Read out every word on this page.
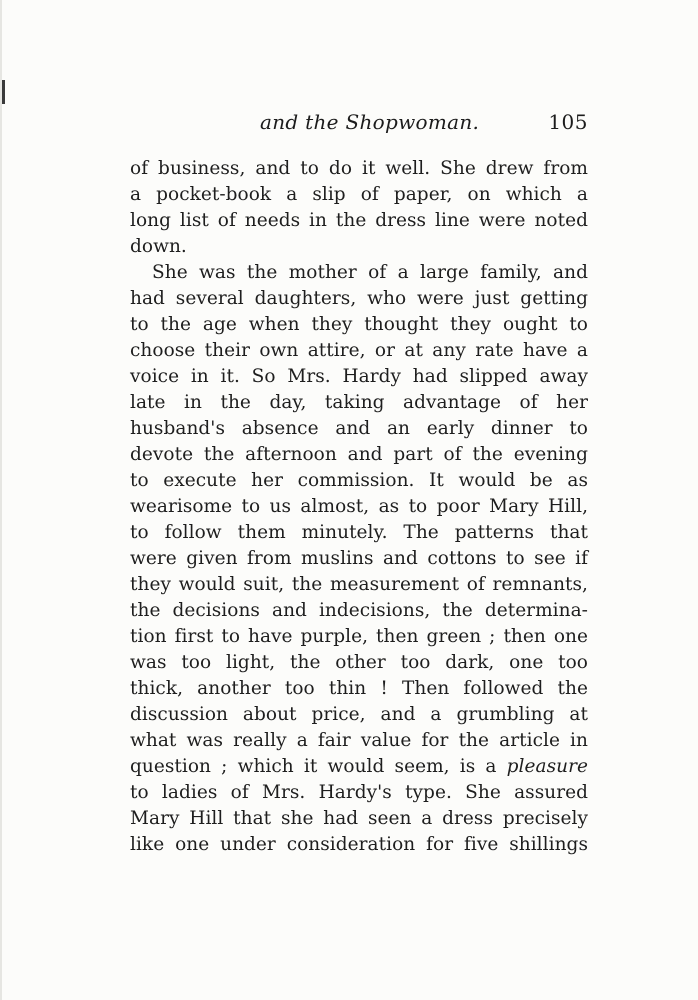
and the Shopwoman.	105
of business, and to do it well. She drew from
a pocket-book a slip of paper, on which a
long list of needs in the dress line were noted
down.
She was the mother of a large family, and
had several daughters, who were just getting
to the age when they thought they ought to
choose their own attire, or at any rate have a
voice in it. So Mrs. Hardy had slipped away
late in the day, taking advantage of her
husband's absence and an early dinner to
devote the afternoon and part of the evening
to execute her commission. It would be as
wearisome to us almost, as to poor Mary Hill,
to follow them minutely. The patterns that
were given from muslins and cottons to see if
they would suit, the measurement of remnants,
the decisions and indecisions, the determina-
tion first to have purple, then green ; then one
was too light, the other too dark, one too
thick, another too thin ! Then followed the
discussion about price, and a grumbling at
what was really a fair value for the article in
question ; which it would seem, is a pleasure
to ladies of Mrs. Hardy's type. She assured
Mary Hill that she had seen a dress precisely
like one under consideration for five shillings
